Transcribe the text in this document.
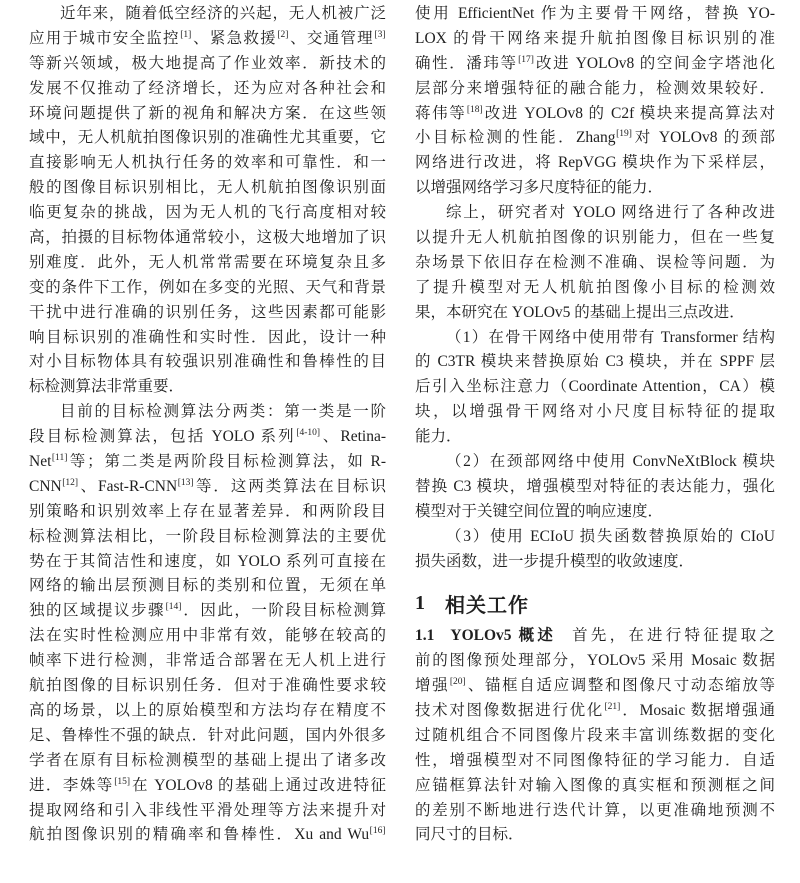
近年来，随着低空经济的兴起，无人机被广泛
应用于城市安全监控[1]、紧急救援[2]、交通管理[3]
等新兴领域，极大地提高了作业效率．新技术的
发展不仅推动了经济增长，还为应对各种社会和
环境问题提供了新的视角和解决方案．在这些领
域中，无人机航拍图像识别的准确性尤其重要，它
直接影响无人机执行任务的效率和可靠性．和一
般的图像目标识别相比，无人机航拍图像识别面
临更复杂的挑战，因为无人机的飞行高度相对较
高，拍摄的目标物体通常较小，这极大地增加了识
别难度．此外，无人机常常需要在环境复杂且多
变的条件下工作，例如在多变的光照、天气和背景
干扰中进行准确的识别任务，这些因素都可能影
响目标识别的准确性和实时性．因此，设计一种
对小目标物体具有较强识别准确性和鲁棒性的目
标检测算法非常重要．
目前的目标检测算法分两类：第一类是一阶
段目标检测算法，包括 YOLO 系列[4-10]、Retina-
Net[11]等；第二类是两阶段目标检测算法，如 R-
CNN[12]、Fast-R-CNN[13]等．这两类算法在目标识
别策略和识别效率上存在显著差异．和两阶段目
标检测算法相比，一阶段目标检测算法的主要优
势在于其简洁性和速度，如 YOLO 系列可直接在
网络的输出层预测目标的类别和位置，无须在单
独的区域提议步骤[14]．因此，一阶段目标检测算
法在实时性检测应用中非常有效，能够在较高的
帧率下进行检测，非常适合部署在无人机上进行
航拍图像的目标识别任务．但对于准确性要求较
高的场景，以上的原始模型和方法均存在精度不
足、鲁棒性不强的缺点．针对此问题，国内外很多
学者在原有目标检测模型的基础上提出了诸多改
进．李姝等[15]在 YOLOv8 的基础上通过改进特征
提取网络和引入非线性平滑处理等方法来提升对
航拍图像识别的精确率和鲁棒性．Xu and Wu[16]
使用 EfficientNet 作为主要骨干网络，替换 YO-
LOX 的骨干网络来提升航拍图像目标识别的准
确性．潘玮等[17]改进 YOLOv8 的空间金字塔池化
层部分来增强特征的融合能力，检测效果较好．
蒋伟等[18]改进 YOLOv8 的 C2f 模块来提高算法对
小目标检测的性能．Zhang[19]对 YOLOv8 的颈部
网络进行改进，将 RepVGG 模块作为下采样层，
以增强网络学习多尺度特征的能力．
综上，研究者对 YOLO 网络进行了各种改进
以提升无人机航拍图像的识别能力，但在一些复
杂场景下依旧存在检测不准确、误检等问题．为
了提升模型对无人机航拍图像小目标的检测效
果，本研究在 YOLOv5 的基础上提出三点改进．
（1）在骨干网络中使用带有 Transformer 结构
的 C3TR 模块来替换原始 C3 模块，并在 SPPF 层
后引入坐标注意力（Coordinate Attention，CA）模
块，以增强骨干网络对小尺度目标特征的提取
能力．
（2）在颈部网络中使用 ConvNeXtBlock 模块
替换 C3 模块，增强模型对特征的表达能力，强化
模型对于关键空间位置的响应速度．
（3）使用 ECIoU 损失函数替换原始的 CIoU
损失函数，进一步提升模型的收敛速度．
1 相关工作
1.1 YOLOv5 概述 首先，在进行特征提取之
前的图像预处理部分，YOLOv5 采用 Mosaic 数据
增强[20]、锚框自适应调整和图像尺寸动态缩放等
技术对图像数据进行优化[21]．Mosaic 数据增强通
过随机组合不同图像片段来丰富训练数据的变化
性，增强模型对不同图像特征的学习能力．自适
应锚框算法针对输入图像的真实框和预测框之间
的差别不断地进行迭代计算，以更准确地预测不
同尺寸的目标．
